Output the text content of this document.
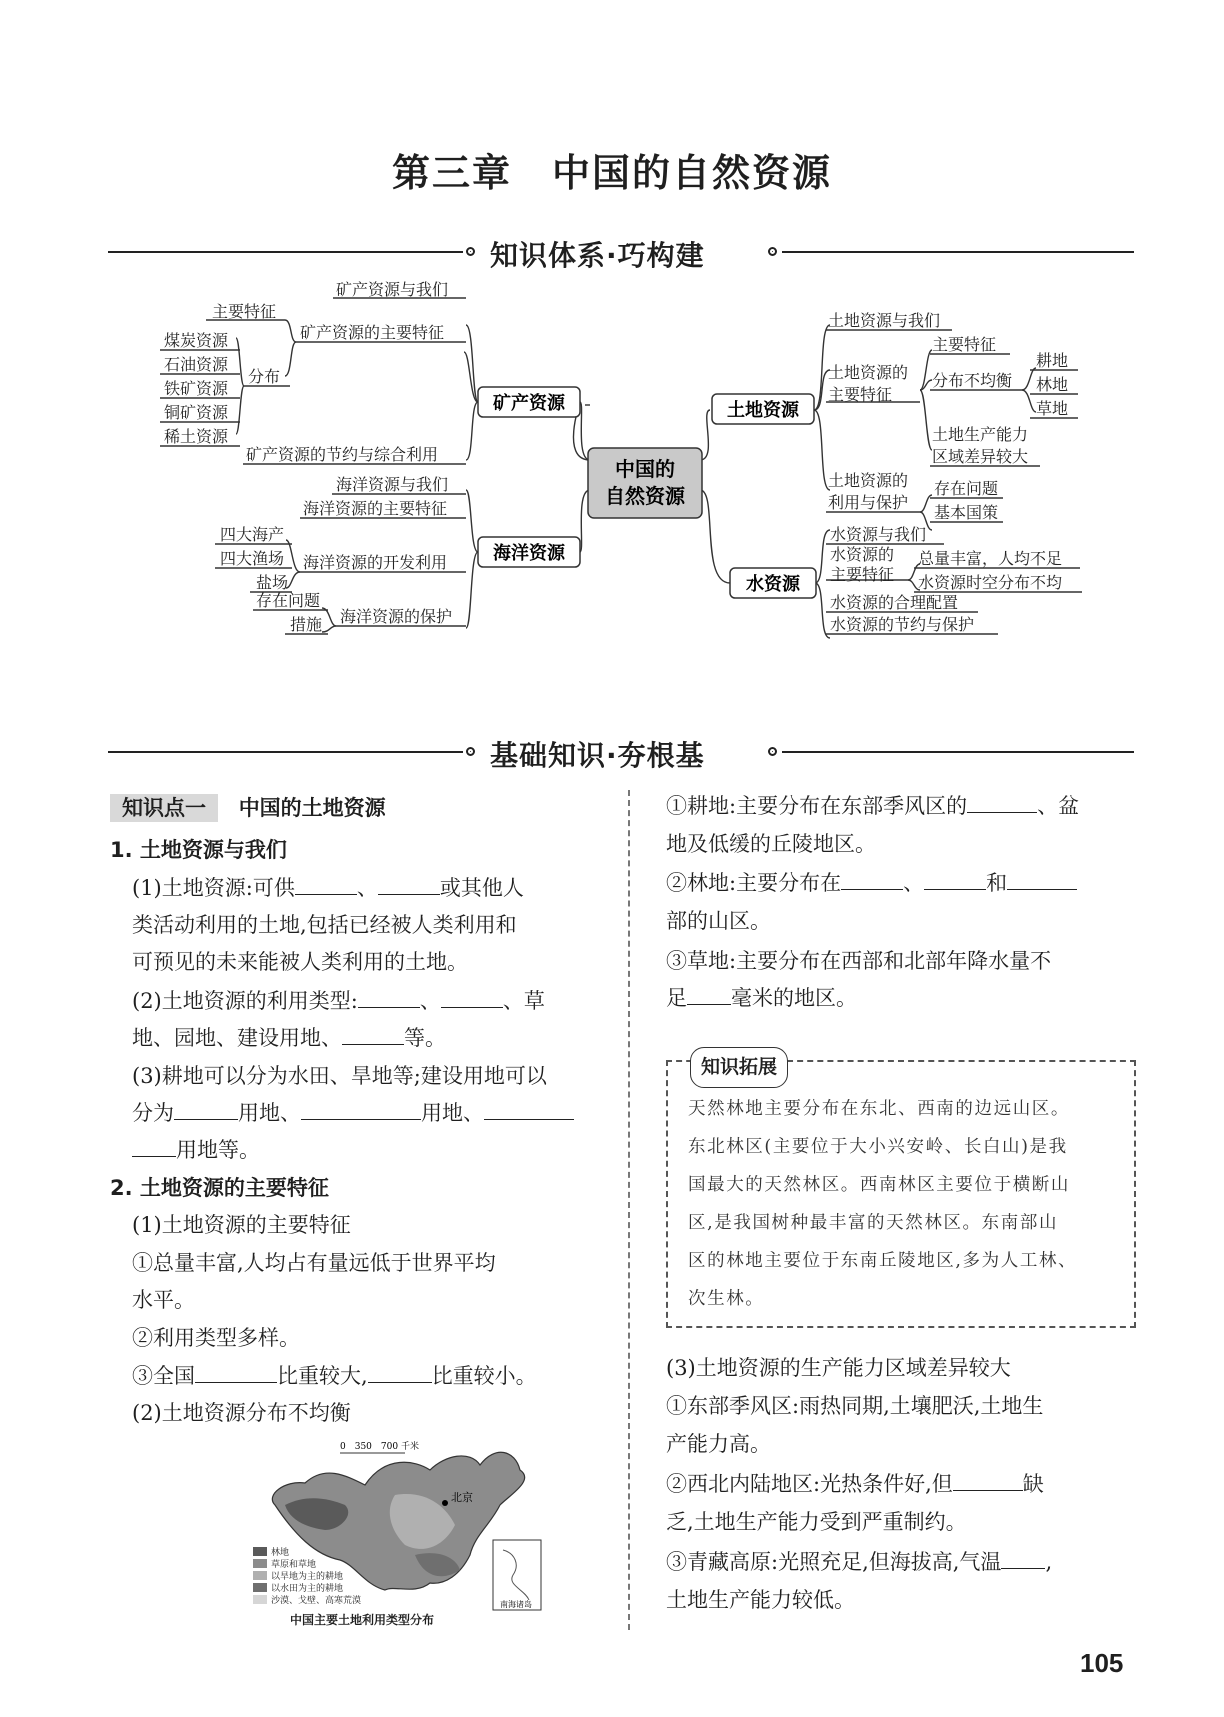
第三章　中国的自然资源
知识体系·巧构建
中国的
自然资源
矿产资源
海洋资源
土地资源
水资源
矿产资源与我们
矿产资源的主要特征
矿产资源的节约与综合利用
主要特征
分布
煤炭资源
石油资源
铁矿资源
铜矿资源
稀土资源
海洋资源与我们
海洋资源的主要特征
海洋资源的开发利用
海洋资源的保护
四大海产
四大渔场
盐场
存在问题
措施
土地资源与我们
土地资源的
主要特征
主要特征
分布不均衡
耕地
林地
草地
土地生产能力
区域差异较大
土地资源的
利用与保护
存在问题
基本国策
水资源与我们
水资源的
主要特征
总量丰富，人均不足
水资源时空分布不均
水资源的合理配置
水资源的节约与保护
基础知识·夯根基
知识点一 中国的土地资源
1. 土地资源与我们
(1)土地资源:可供	、	或其他人
类活动利用的土地,包括已经被人类利用和
可预见的未来能被人类利用的土地。
(2)土地资源的利用类型:	、	、草
地、园地、建设用地、	等。
(3)耕地可以分为水田、旱地等;建设用地可以
分为	用地、	用地、
用地等。
2. 土地资源的主要特征
(1)土地资源的主要特征
①总量丰富,人均占有量远低于世界平均
水平。
②利用类型多样。
③全国	比重较大,	比重较小。
(2)土地资源分布不均衡
北京
0　350　700 千米
南海诸岛
林地
草原和草地
以旱地为主的耕地
以水田为主的耕地
沙漠、戈壁、高寒荒漠
中国主要土地利用类型分布
①耕地:主要分布在东部季风区的	、盆
地及低缓的丘陵地区。
②林地:主要分布在	、	和
部的山区。
③草地:主要分布在西部和北部年降水量不
足 毫米的地区。
天然林地主要分布在东北、西南的边远山区。
东北林区(主要位于大小兴安岭、长白山)是我
国最大的天然林区。西南林区主要位于横断山
区,是我国树种最丰富的天然林区。东南部山
区的林地主要位于东南丘陵地区,多为人工林、
次生林。
知识拓展
(3)土地资源的生产能力区域差异较大
①东部季风区:雨热同期,土壤肥沃,土地生
产能力高。
②西北内陆地区:光热条件好,但	缺
乏,土地生产能力受到严重制约。
③青藏高原:光照充足,但海拔高,气温 ,
土地生产能力较低。
105
